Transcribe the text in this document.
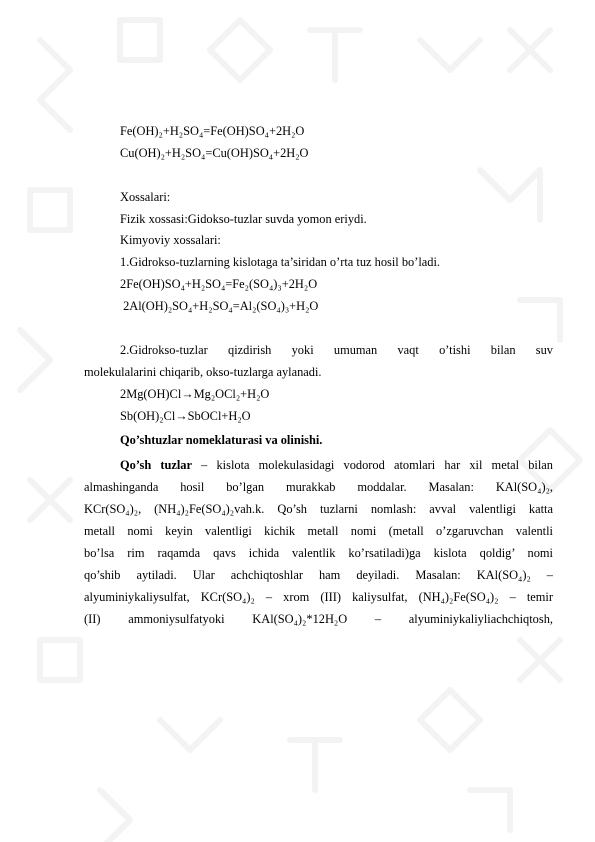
Fe(OH)₂+H₂SO₄=Fe(OH)SO₄+2H₂O
Cu(OH)₂+H₂SO₄=Cu(OH)SO₄+2H₂O
Xossalari:
Fizik xossasi:Gidokso-tuzlar suvda yomon eriydi.
Kimyoviy xossalari:
1.Gidrokso-tuzlarning kislotaga ta’siridan o’rta tuz hosil bo’ladi.
2Fe(OH)SO₄+H₂SO₄=Fe₂(SO₄)₃+2H₂O
2Al(OH)₂SO₄+H₂SO₄=Al₂(SO₄)₃+H₂O
2.Gidrokso-tuzlar   qizdirish   yoki   umuman   vaqt   o’tishi   bilan   suv
molekulalarini chiqarib, okso-tuzlarga aylanadi.
2Mg(OH)Cl→Mg₂OCl₂+H₂O
Sb(OH)₂Cl→SbOCl+H₂O
Qo’shtuzlar nomeklaturasi va olinishi.
Qo’sh tuzlar – kislota molekulasidagi vodorod atomlari har xil metal bilan
almashinganda   hosil   bo’lgan   murakkab   moddalar.   Masalan:   KAl(SO₄)₂,
KCr(SO₄)₂,  (NH₄)₂Fe(SO₄)₂vah.k.  Qo’sh  tuzlarni  nomlash:  avval  valentligi  katta
metall  nomi  keyin  valentligi  kichik  metall  nomi  (metall  o’zgaruvchan  valentli
bo’lsa  rim  raqamda  qavs  ichida  valentlik  ko’rsatiladi)ga  kislota  qoldig’  nomi
qo’shib   aytiladi.   Ular   achchiqtoshlar   ham   deyiladi.   Masalan:   KAl(SO₄)₂   –
alyuminiykaliysulfat, KCr(SO₄)₂ – xrom (III) kaliysulfat, (NH₄)₂Fe(SO₄)₂ – temir
(II)     ammoniysulfatyoki     KAl(SO₄)₂*12H₂O     –     alyuminiykaliyliachchiqtosh,
